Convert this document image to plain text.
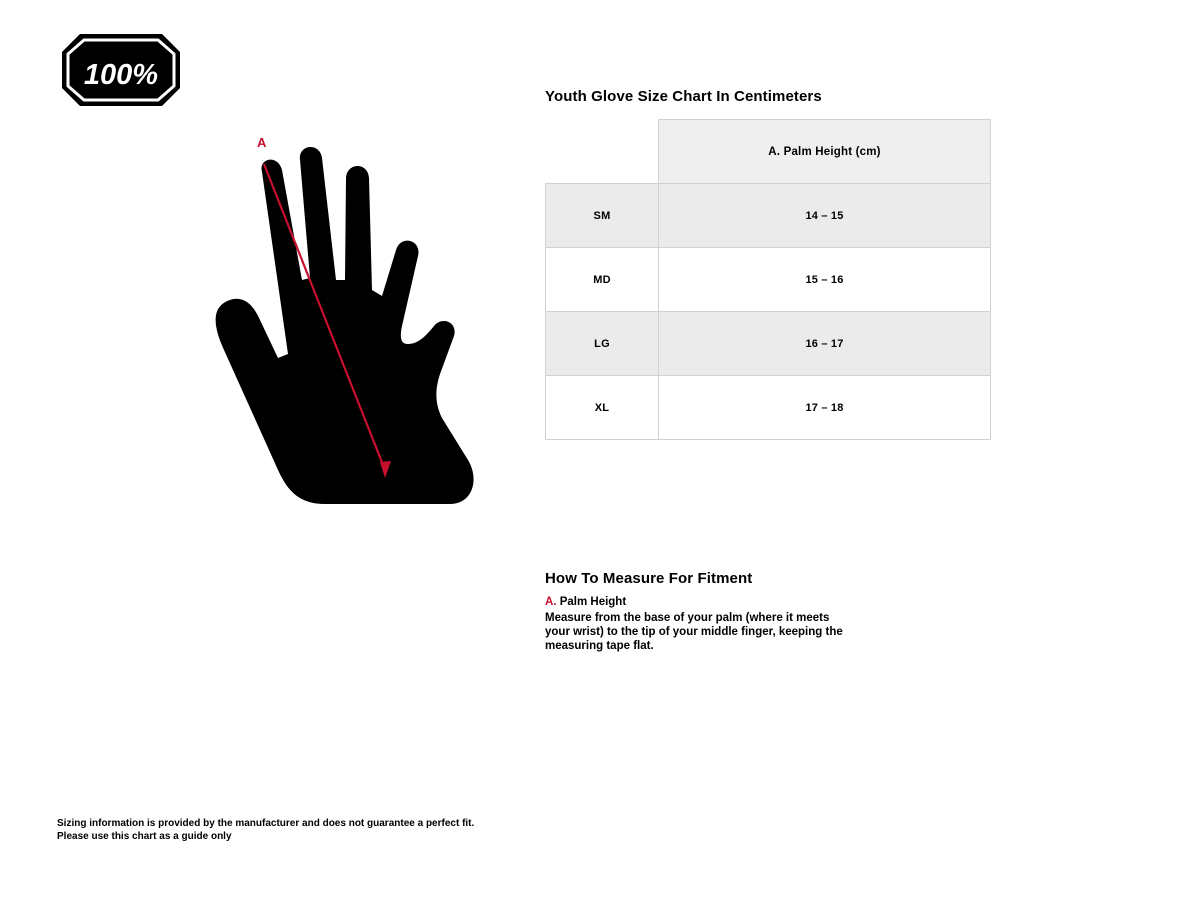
100%
A
Youth Glove Size Chart In Centimeters
	A. Palm Height (cm)
SM	14 – 15
MD	15 – 16
LG	16 – 17
XL	17 – 18
How To Measure For Fitment
A. Palm Height
Measure from the base of your palm (where it meets your wrist) to the tip of your middle finger, keeping the measuring tape flat.
Sizing information is provided by the manufacturer and does not guarantee a perfect fit.
Please use this chart as a guide only
